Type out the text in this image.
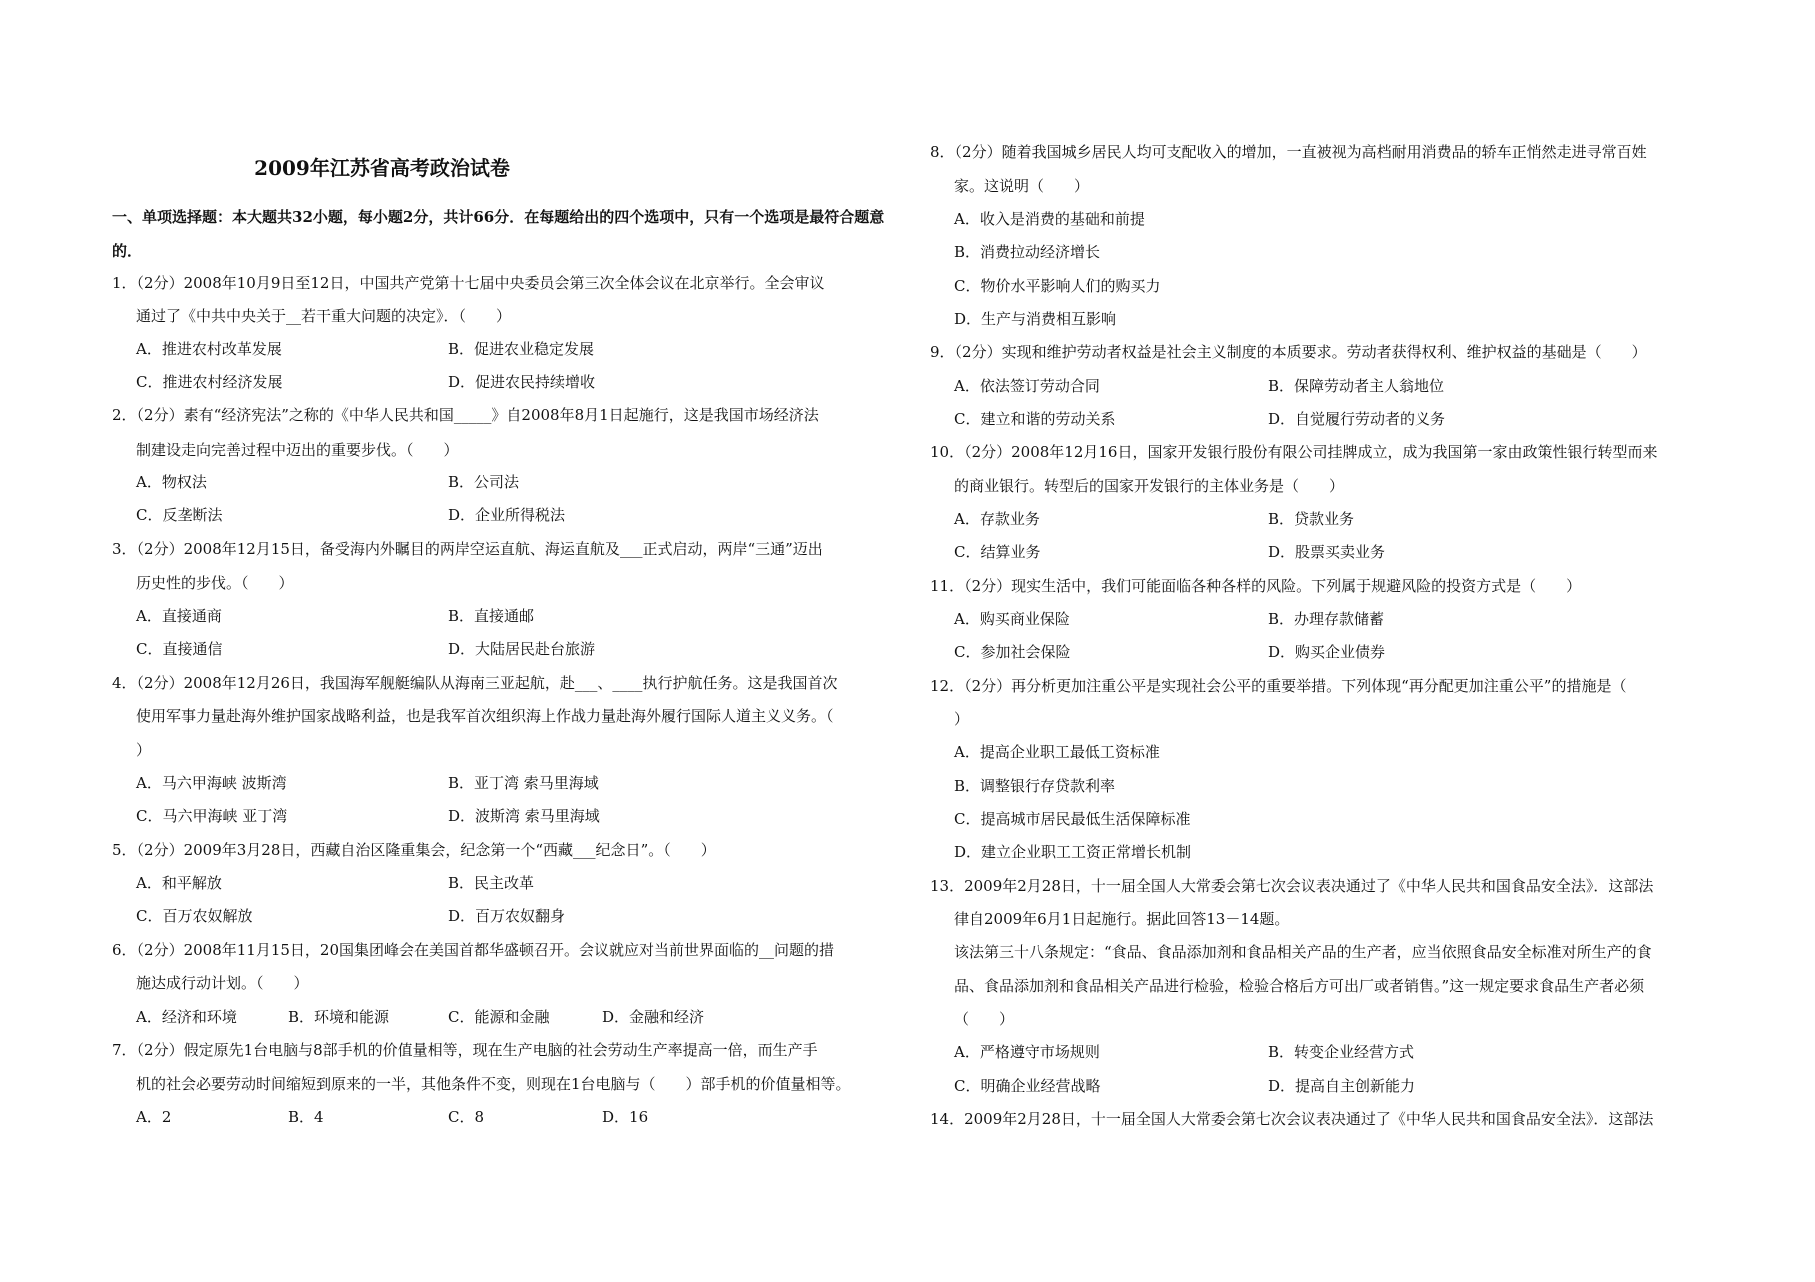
2009年江苏省高考政治试卷
一、单项选择题：本大题共32小题，每小题2分，共计66分．在每题给出的四个选项中，只有一个选项是最符合题意的．
1．（2分）2008年10月9日至12日，中国共产党第十七届中央委员会第三次全体会议在北京举行。全会审议
通过了《中共中央关于__若干重大问题的决定》．（　　）
A．推进农村改革发展	B．促进农业稳定发展
C．推进农村经济发展	D．促进农民持续增收
2．（2分）素有“经济宪法”之称的《中华人民共和国_____》自2008年8月1日起施行，这是我国市场经济法
制建设走向完善过程中迈出的重要步伐。（　　）
A．物权法	B．公司法
C．反垄断法	D．企业所得税法
3．（2分）2008年12月15日，备受海内外瞩目的两岸空运直航、海运直航及___正式启动，两岸“三通”迈出
历史性的步伐。（　　）
A．直接通商	B．直接通邮
C．直接通信	D．大陆居民赴台旅游
4．（2分）2008年12月26日，我国海军舰艇编队从海南三亚起航，赴___、____执行护航任务。这是我国首次
使用军事力量赴海外维护国家战略利益，也是我军首次组织海上作战力量赴海外履行国际人道主义义务。（
）
A．马六甲海峡 波斯湾	B．亚丁湾 索马里海域
C．马六甲海峡 亚丁湾	D．波斯湾 索马里海域
5．（2分）2009年3月28日，西藏自治区隆重集会，纪念第一个“西藏___纪念日”。（　　）
A．和平解放	B．民主改革
C．百万农奴解放	D．百万农奴翻身
6．（2分）2008年11月15日，20国集团峰会在美国首都华盛顿召开。会议就应对当前世界面临的__问题的措
施达成行动计划。（　　）
A．经济和环境	B．环境和能源	C．能源和金融	D．金融和经济
7．（2分）假定原先1台电脑与8部手机的价值量相等，现在生产电脑的社会劳动生产率提高一倍，而生产手
机的社会必要劳动时间缩短到原来的一半，其他条件不变，则现在1台电脑与（　　）部手机的价值量相等。
A．2	B．4	C．8	D．16
8．（2分）随着我国城乡居民人均可支配收入的增加，一直被视为高档耐用消费品的轿车正悄然走进寻常百姓
家。这说明（　　）
A．收入是消费的基础和前提
B．消费拉动经济增长
C．物价水平影响人们的购买力
D．生产与消费相互影响
9．（2分）实现和维护劳动者权益是社会主义制度的本质要求。劳动者获得权利、维护权益的基础是（　　）
A．依法签订劳动合同	B．保障劳动者主人翁地位
C．建立和谐的劳动关系	D．自觉履行劳动者的义务
10．（2分）2008年12月16日，国家开发银行股份有限公司挂牌成立，成为我国第一家由政策性银行转型而来
的商业银行。转型后的国家开发银行的主体业务是（　　）
A．存款业务	B．贷款业务
C．结算业务	D．股票买卖业务
11．（2分）现实生活中，我们可能面临各种各样的风险。下列属于规避风险的投资方式是（　　）
A．购买商业保险	B．办理存款储蓄
C．参加社会保险	D．购买企业债券
12．（2分）再分析更加注重公平是实现社会公平的重要举措。下列体现“再分配更加注重公平”的措施是（
）
A．提高企业职工最低工资标准
B．调整银行存贷款利率
C．提高城市居民最低生活保障标准
D．建立企业职工工资正常增长机制
13．2009年2月28日，十一届全国人大常委会第七次会议表决通过了《中华人民共和国食品安全法》．这部法
律自2009年6月1日起施行。据此回答13－14题。
该法第三十八条规定：“食品、食品添加剂和食品相关产品的生产者，应当依照食品安全标准对所生产的食
品、食品添加剂和食品相关产品进行检验，检验合格后方可出厂或者销售。”这一规定要求食品生产者必须
（　　）
A．严格遵守市场规则	B．转变企业经营方式
C．明确企业经营战略	D．提高自主创新能力
14．2009年2月28日，十一届全国人大常委会第七次会议表决通过了《中华人民共和国食品安全法》．这部法
